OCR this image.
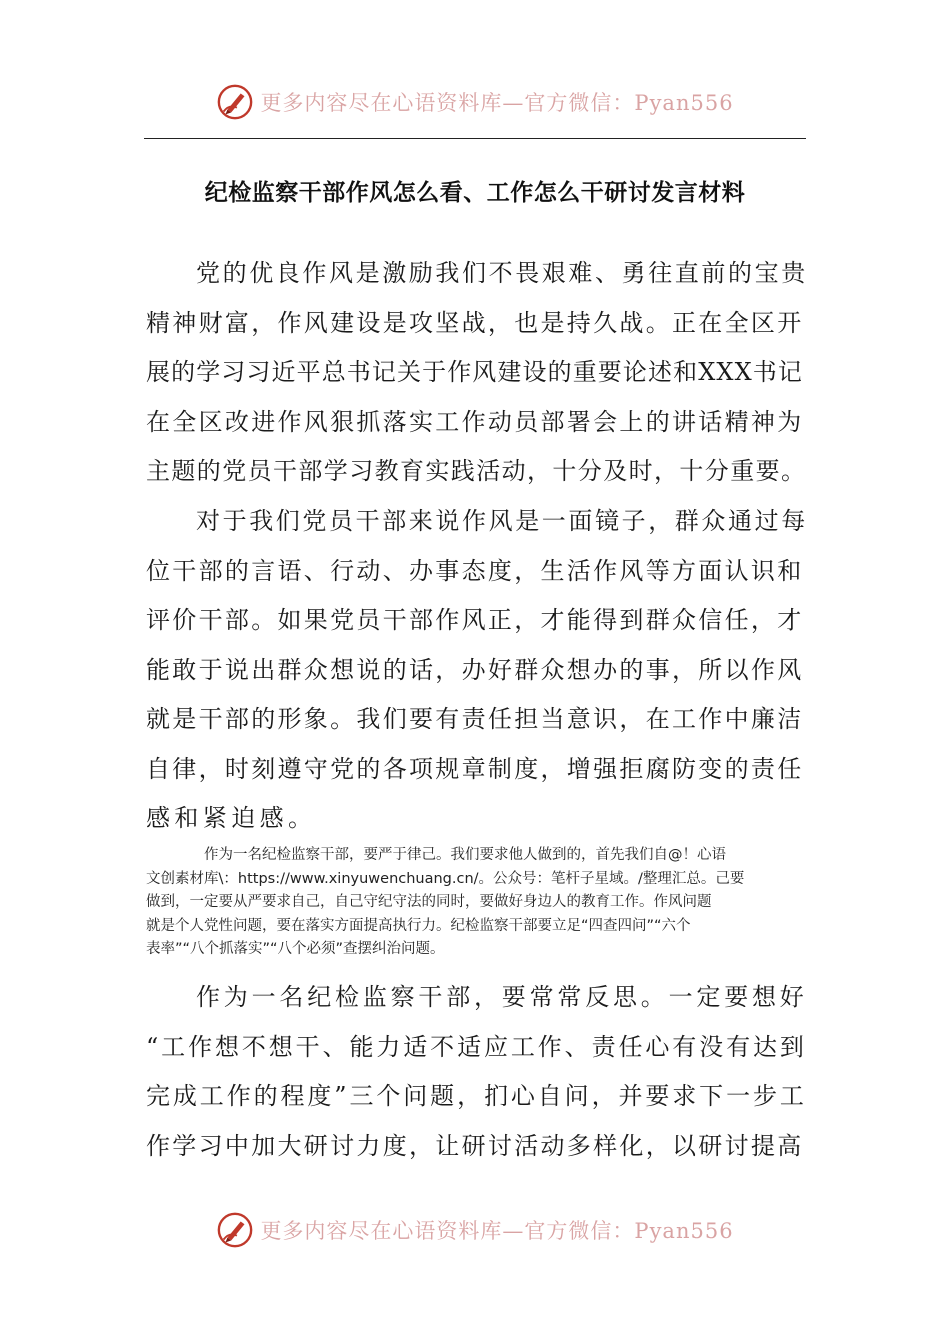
更多内容尽在心语资料库—官方微信：Pyan556
纪检监察干部作风怎么看、工作怎么干研讨发言材料
党的优良作风是激励我们不畏艰难、勇往直前的宝贵
精神财富，作风建设是攻坚战，也是持久战。正在全区开
展的学习习近平总书记关于作风建设的重要论述和XXX书记
在全区改进作风狠抓落实工作动员部署会上的讲话精神为
主题的党员干部学习教育实践活动，十分及时，十分重要。
对于我们党员干部来说作风是一面镜子，群众通过每
位干部的言语、行动、办事态度，生活作风等方面认识和
评价干部。如果党员干部作风正，才能得到群众信任，才
能敢于说出群众想说的话，办好群众想办的事，所以作风
就是干部的形象。我们要有责任担当意识，在工作中廉洁
自律，时刻遵守党的各项规章制度，增强拒腐防变的责任
感和紧迫感。
作为一名纪检监察干部，要严于律己。我们要求他人做到的，首先我们自@！心语
文创素材库\：https://www.xinyuwenchuang.cn/。公众号：笔杆子星域。/整理汇总。己要
做到，一定要从严要求自己，自己守纪守法的同时，要做好身边人的教育工作。作风问题
就是个人党性问题，要在落实方面提高执行力。纪检监察干部要立足“四查四问”“六个
表率”“八个抓落实”“八个必须”查摆纠治问题。
作为一名纪检监察干部，要常常反思。一定要想好
“工作想不想干、能力适不适应工作、责任心有没有达到
完成工作的程度”三个问题，扪心自问，并要求下一步工
作学习中加大研讨力度，让研讨活动多样化，以研讨提高
更多内容尽在心语资料库—官方微信：Pyan556
